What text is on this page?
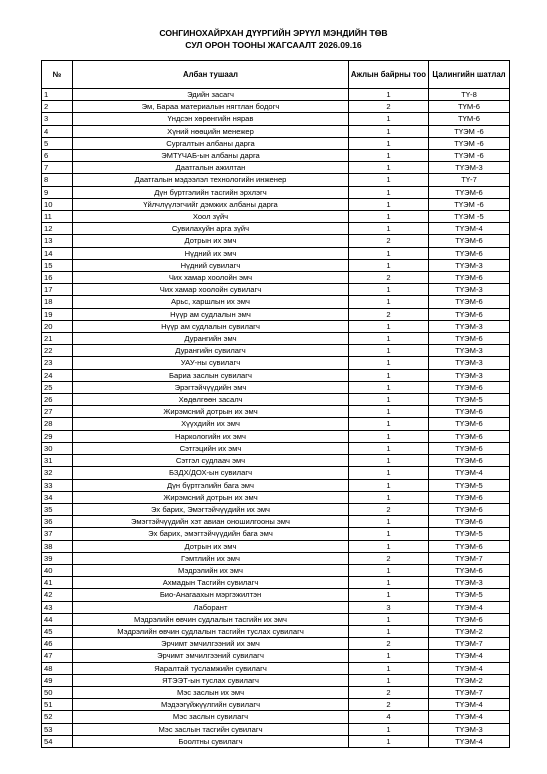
СОНГИНОХАЙРХАН ДҮҮРГИЙН ЭРҮҮЛ МЭНДИЙН ТӨВ
СУЛ ОРОН ТООНЫ ЖАГСААЛТ 2026.09.16
№	Албан тушаал	Ажлын байрны тоо	Цалингийн шатлал
1	Эдийн засагч	1	ТҮ-8
2	Эм, Бараа материалын нягтлан бодогч	2	ТҮМ-6
3	Үндсэн хөрөнгийн нярав	1	ТҮМ-6
4	Хүний нөөцийн менежер	1	ТҮЭМ -6
5	Сургалтын албаны дарга	1	ТҮЭМ -6
6	ЭМТҮЧАБ-ын албаны дарга	1	ТҮЭМ -6
7	Даатгалын ажилтан	1	ТҮЭМ-3
8	Даатгалын мэдээлэл технологийн инженер	1	ТҮ-7
9	Дүн бүртгэлийн тасгийн эрхлэгч	1	ТҮЭМ-6
10	Үйлчлүүлэгчийг дэмжих албаны дарга	1	ТҮЭМ -6
11	Хоол зүйч	1	ТҮЭМ -5
12	Сувилахуйн арга зүйч	1	ТҮЭМ-4
13	Дотрын их эмч	2	ТҮЭМ-6
14	Нүдний их эмч	1	ТҮЭМ-6
15	Нүдний сувилагч	1	ТҮЭМ-3
16	Чих хамар хоолойн эмч	2	ТҮЭМ-6
17	Чих хамар хоолойн сувилагч	1	ТҮЭМ-3
18	Арьс, харшлын их эмч	1	ТҮЭМ-6
19	Нүүр ам судлалын эмч	2	ТҮЭМ-6
20	Нүүр ам судлалын сувилагч	1	ТҮЭМ-3
21	Дурангийн эмч	1	ТҮЭМ-6
22	Дурангийн сувилагч	1	ТҮЭМ-3
23	УАУ-ны сувилагч	1	ТҮЭМ-3
24	Бариа заслын сувилагч	1	ТҮЭМ-3
25	Эрэгтэйчүүдийн эмч	1	ТҮЭМ-6
26	Хөдөлгөөн засалч	1	ТҮЭМ-5
27	Жирэмсний дотрын их эмч	1	ТҮЭМ-6
28	Хүүхдийн их эмч	1	ТҮЭМ-6
29	Наркологийн их эмч	1	ТҮЭМ-6
30	Сэтгэцийн их эмч	1	ТҮЭМ-6
31	Сэтгэл судлаач эмч	1	ТҮЭМ-6
32	БЗДХ/ДОХ-ын сувилагч	1	ТҮЭМ-4
33	Дүн бүртгэлийн бага эмч	1	ТҮЭМ-5
34	Жирэмсний дотрын их эмч	1	ТҮЭМ-6
35	Эх барих, Эмэгтэйчүүдийн их эмч	2	ТҮЭМ-6
36	Эмэгтэйчүүдийн хэт авиан оношилгооны эмч	1	ТҮЭМ-6
37	Эх барих, эмэгтэйчүүдийн бага эмч	1	ТҮЭМ-5
38	Дотрын их эмч	1	ТҮЭМ-6
39	Гэмтлийн их эмч	2	ТҮЭМ-7
40	Мэдрэлийн их эмч	1	ТҮЭМ-6
41	Ахмадын Тасгийн сувилагч	1	ТҮЭМ-3
42	Био-Анагаахын мэргэжилтэн	1	ТҮЭМ-5
43	Лаборант	3	ТҮЭМ-4
44	Мэдрэлийн өвчин судлалын тасгийн их эмч	1	ТҮЭМ-6
45	Мэдрэлийн өвчин судлалын тасгийн туслах сувилагч	1	ТҮЭМ-2
46	Эрчимт эмчилгээний их эмч	2	ТҮЭМ-7
47	Эрчимт эмчилгээний сувилагч	1	ТҮЭМ-4
48	Яаралтай тусламжийн сувилагч	1	ТҮЭМ-4
49	ЯТЭЭТ-ын туслах сувилагч	1	ТҮЭМ-2
50	Мэс заслын их эмч	2	ТҮЭМ-7
51	Мэдээгүйжүүлгийн сувилагч	2	ТҮЭМ-4
52	Мэс заслын сувилагч	4	ТҮЭМ-4
53	Мэс заслын тасгийн сувилагч	1	ТҮЭМ-3
54	Боолтны сувилагч	1	ТҮЭМ-4
